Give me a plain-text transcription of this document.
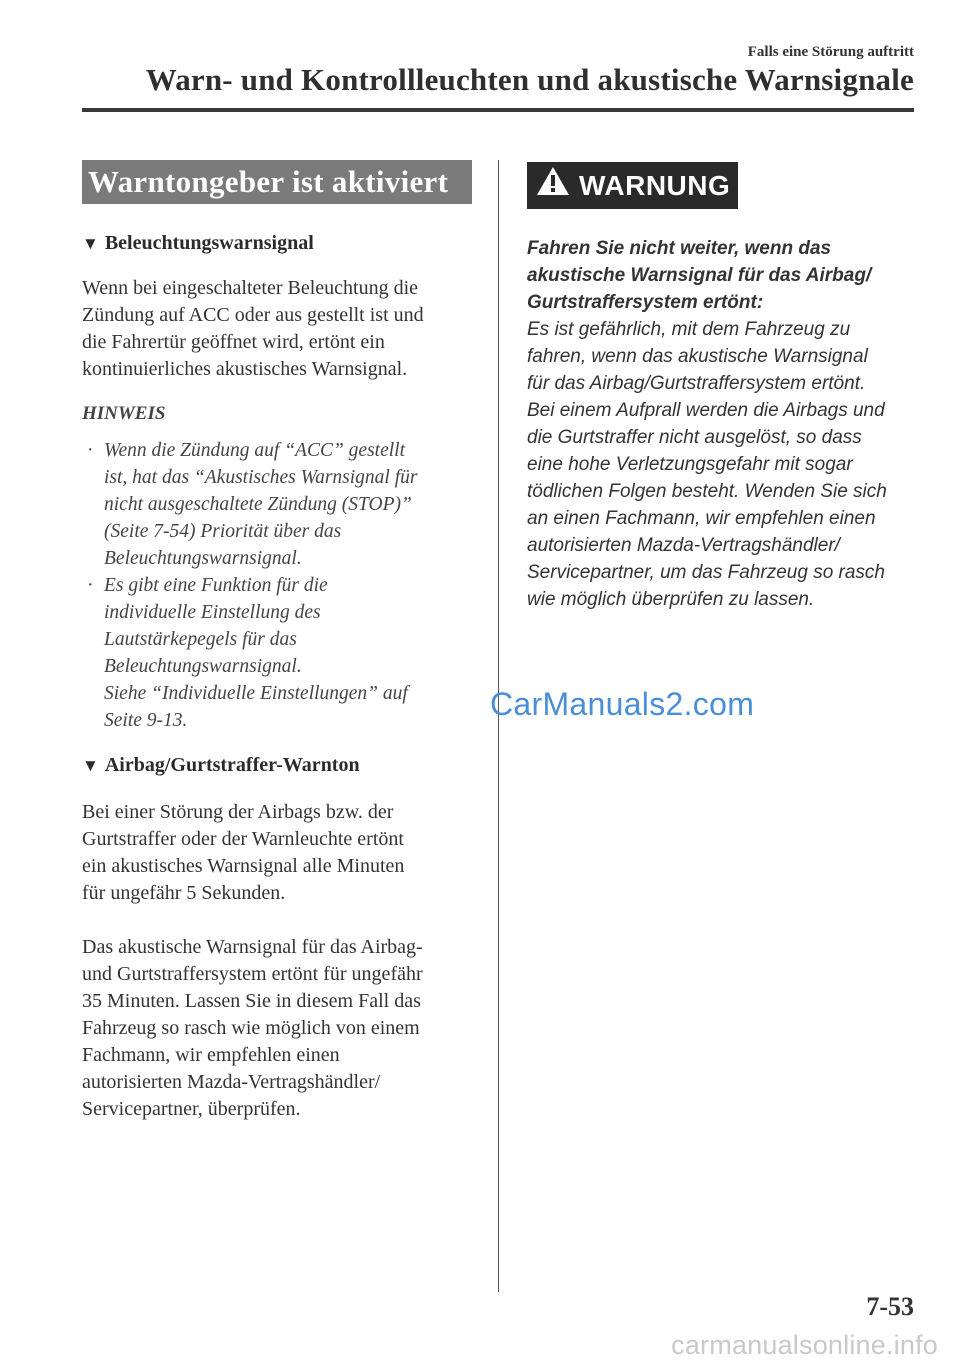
Falls eine Störung auftritt
Warn- und Kontrollleuchten und akustische Warnsignale
Warntongeber ist aktiviert

▼ Beleuchtungswarnsignal

Wenn bei eingeschalteter Beleuchtung die
Zündung auf ACC oder aus gestellt ist und
die Fahrertür geöffnet wird, ertönt ein
kontinuierliches akustisches Warnsignal.

HINWEIS

· Wenn die Zündung auf “ACC” gestellt
ist, hat das “Akustisches Warnsignal für
nicht ausgeschaltete Zündung (STOP)”
(Seite 7-54) Priorität über das
Beleuchtungswarnsignal.

· Es gibt eine Funktion für die
individuelle Einstellung des
Lautstärkepegels für das
Beleuchtungswarnsignal.
Siehe “Individuelle Einstellungen” auf
Seite 9-13.

▼ Airbag/Gurtstraffer-Warnton

Bei einer Störung der Airbags bzw. der
Gurtstraffer oder der Warnleuchte ertönt
ein akustisches Warnsignal alle Minuten
für ungefähr 5 Sekunden.

Das akustische Warnsignal für das Airbag-
und Gurtstraffersystem ertönt für ungefähr
35 Minuten. Lassen Sie in diesem Fall das
Fahrzeug so rasch wie möglich von einem
Fachmann, wir empfehlen einen
autorisierten Mazda-Vertragshändler/
Servicepartner, überprüfen.

WARNUNG

Fahren Sie nicht weiter, wenn das
akustische Warnsignal für das Airbag/
Gurtstraffersystem ertönt:

Es ist gefährlich, mit dem Fahrzeug zu
fahren, wenn das akustische Warnsignal
für das Airbag/Gurtstraffersystem ertönt.
Bei einem Aufprall werden die Airbags und
die Gurtstraffer nicht ausgelöst, so dass
eine hohe Verletzungsgefahr mit sogar
tödlichen Folgen besteht. Wenden Sie sich
an einen Fachmann, wir empfehlen einen
autorisierten Mazda-Vertragshändler/
Servicepartner, um das Fahrzeug so rasch
wie möglich überprüfen zu lassen.

CarManuals2.com
7-53
carmanualsonline.info
